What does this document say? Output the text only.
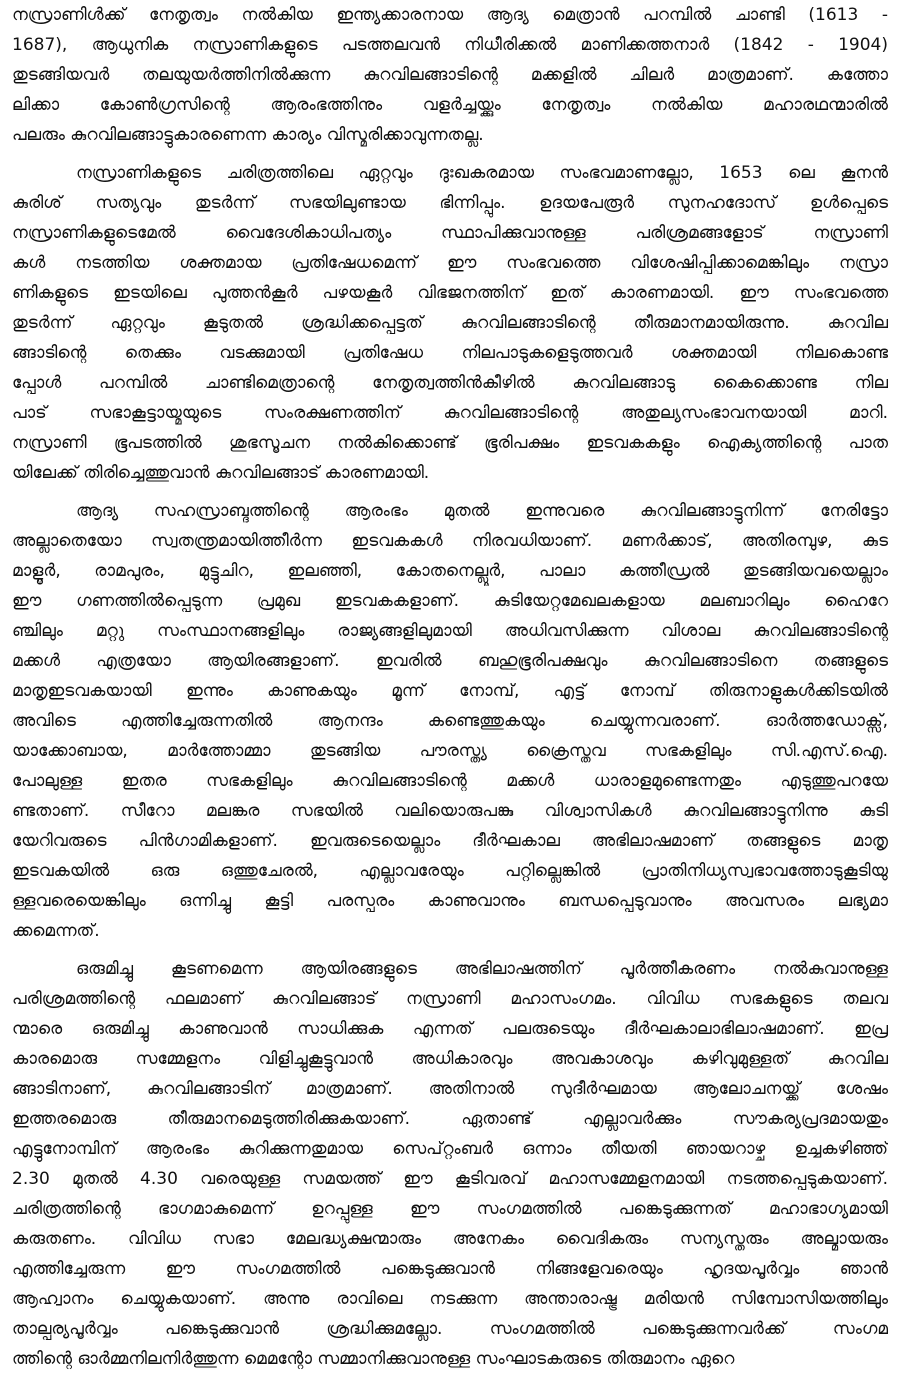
നസ്രാണിൾക്ക് നേതൃത്വം നൽകിയ ഇന്ത്യക്കാരനായ ആദ്യ മെത്രാൻ പറമ്പിൽ ചാണ്ടി (1613 -
1687), ആധുനിക നസ്രാണികളുടെ പടത്തലവൻ നിധീരിക്കൽ മാണിക്കത്തനാർ (1842 - 1904)
തുടങ്ങിയവർ തലയുയർത്തിനിൽക്കുന്ന കുറവിലങ്ങാടിന്റെ മക്കളിൽ ചിലർ മാത്രമാണ്. കത്തോ
ലിക്കാ കോൺഗ്രസിന്റെ ആരംഭത്തിനും വളർച്ചയ്ക്കും നേതൃത്വം നൽകിയ മഹാരഥന്മാരിൽ
പലരും കുറവിലങ്ങാട്ടുകാരണെന്ന കാര്യം വിസ്മരിക്കാവുന്നതല്ല.
നസ്രാണികളുടെ ചരിത്രത്തിലെ ഏറ്റവും ദുഃഖകരമായ സംഭവമാണല്ലോ, 1653 ലെ കൂനൻ
കുരിശ് സത്യവും തുടർന്ന് സഭയിലുണ്ടായ ഭിന്നിപ്പും. ഉദയപേരൂർ സുനഹദോസ് ഉൾപ്പെടെ
നസ്രാണികളുടെമേൽ വൈദേശികാധിപത്യം സ്ഥാപിക്കുവാനുള്ള പരിശ്രമങ്ങളോട് നസ്രാണി
കൾ നടത്തിയ ശക്തമായ പ്രതിഷേധമെന്ന് ഈ സംഭവത്തെ വിശേഷിപ്പിക്കാമെങ്കിലും നസ്രാ
ണികളുടെ ഇടയിലെ പുത്തൻകൂർ പഴയകൂർ വിഭജനത്തിന് ഇത് കാരണമായി. ഈ സംഭവത്തെ
തുടർന്ന് ഏറ്റവും കൂടുതൽ ശ്രദ്ധിക്കപ്പെട്ടത് കുറവിലങ്ങാടിന്റെ തീരുമാനമായിരുന്നു. കുറവില
ങ്ങാടിന്റെ തെക്കും വടക്കുമായി പ്രതിഷേധ നിലപാടുകളെടുത്തവർ ശക്തമായി നിലകൊണ്ട
പ്പോൾ പറമ്പിൽ ചാണ്ടിമെത്രാന്റെ നേതൃത്വത്തിൻകീഴിൽ കുറവിലങ്ങാടു കൈക്കൊണ്ട നില
പാട് സഭാകൂട്ടായ്മയുടെ സംരക്ഷണത്തിന് കുറവിലങ്ങാടിന്റെ അതുല്യസംഭാവനയായി മാറി.
നസ്രാണി ഭൂപടത്തിൽ ശുഭസൂചന നൽകിക്കൊണ്ട് ഭൂരിപക്ഷം ഇടവകകളും ഐക്യത്തിന്റെ പാത
യിലേക്ക് തിരിച്ചെത്തുവാൻ കുറവിലങ്ങാട് കാരണമായി.
ആദ്യ സഹസ്രാബ്ദത്തിന്റെ ആരംഭം മുതൽ ഇന്നുവരെ കുറവിലങ്ങാട്ടുനിന്ന് നേരിട്ടോ
അല്ലാതെയോ സ്വതന്ത്രമായിത്തീർന്ന ഇടവകകൾ നിരവധിയാണ്. മണർക്കാട്, അതിരമ്പുഴ, കുട
മാളൂർ, രാമപുരം, മുട്ടുചിറ, ഇലഞ്ഞി, കോതനെല്ലൂർ, പാലാ കത്തീഡ്രൽ തുടങ്ങിയവയെല്ലാം
ഈ ഗണത്തിൽപ്പെടുന്ന പ്രമുഖ ഇടവകകളാണ്. കുടിയേറ്റമേഖലകളായ മലബാറിലും ഹൈറേ
ഞ്ചിലും മറ്റു സംസ്ഥാനങ്ങളിലും രാജ്യങ്ങളിലുമായി അധിവസിക്കുന്ന വിശാല കുറവിലങ്ങാടിന്റെ
മക്കൾ എത്രയോ ആയിരങ്ങളാണ്. ഇവരിൽ ബഹുഭൂരിപക്ഷവും കുറവിലങ്ങാടിനെ തങ്ങളുടെ
മാതൃഇടവകയായി ഇന്നും കാണുകയും മൂന്ന് നോമ്പ്, എട്ട് നോമ്പ് തിരുനാളുകൾക്കിടയിൽ
അവിടെ എത്തിച്ചേരുന്നതിൽ ആനന്ദം കണ്ടെത്തുകയും ചെയ്യുന്നവരാണ്. ഓർത്തഡോക്സ്,
യാക്കോബായ, മാർത്തോമ്മാ തുടങ്ങിയ പൗരസ്ത്യ ക്രൈസ്തവ സഭകളിലും സി.എസ്.ഐ.
പോലുള്ള ഇതര സഭകളിലും കുറവിലങ്ങാടിന്റെ മക്കൾ ധാരാളമുണ്ടെന്നതും എടുത്തുപറയേ
ണ്ടതാണ്. സീറോ മലങ്കര സഭയിൽ വലിയൊരുപങ്കു വിശ്വാസികൾ കുറവിലങ്ങാട്ടുനിന്നു കുടി
യേറിവരുടെ പിൻഗാമികളാണ്. ഇവരുടെയെല്ലാം ദീർഘകാല അഭിലാഷമാണ് തങ്ങളുടെ മാതൃ
ഇടവകയിൽ ഒരു ഒത്തുചേരൽ, എല്ലാവരേയും പറ്റില്ലെങ്കിൽ പ്രാതിനിധ്യസ്വഭാവത്തോടുകൂടിയു
ള്ളവരെയെങ്കിലും ഒന്നിച്ചു കൂട്ടി പരസ്പരം കാണുവാനും ബന്ധപ്പെടുവാനും അവസരം ലഭ്യമാ
ക്കമെന്നത്.
ഒരുമിച്ചു കൂടണമെന്ന ആയിരങ്ങളുടെ അഭിലാഷത്തിന് പൂർത്തീകരണം നൽകുവാനുള്ള
പരിശ്രമത്തിന്റെ ഫലമാണ് കുറവിലങ്ങാട് നസ്രാണി മഹാസംഗമം. വിവിധ സഭകളുടെ തലവ
ന്മാരെ ഒരുമിച്ചു കാണുവാൻ സാധിക്കുക എന്നത് പലരുടെയും ദീർഘകാലാഭിലാഷമാണ്. ഇപ്ര
കാരമൊരു സമ്മേളനം വിളിച്ചുകൂട്ടുവാൻ അധികാരവും അവകാശവും കഴിവുമുള്ളത് കുറവില
ങ്ങാടിനാണ്, കുറവിലങ്ങാടിന് മാത്രമാണ്. അതിനാൽ സുദീർഘമായ ആലോചനയ്ക്ക് ശേഷം
ഇത്തരമൊരു തീരുമാനമെടുത്തിരിക്കുകയാണ്. ഏതാണ്ട് എല്ലാവർക്കും സൗകര്യപ്രദമായതും
എട്ടുനോമ്പിന് ആരംഭം കുറിക്കുന്നതുമായ സെപ്റ്റംബർ ഒന്നാം തീയതി ഞായറാഴ്ച ഉച്ചകഴിഞ്ഞ്
2.30 മുതൽ 4.30 വരെയുള്ള സമയത്ത് ഈ കൂടിവരവ് മഹാസമ്മേളനമായി നടത്തപ്പെടുകയാണ്.
ചരിത്രത്തിന്റെ ഭാഗമാകുമെന്ന് ഉറപ്പുള്ള ഈ സംഗമത്തിൽ പങ്കെടുക്കുന്നത് മഹാഭാഗ്യമായി
കരുതണം. വിവിധ സഭാ മേലദ്ധ്യക്ഷന്മാരും അനേകം വൈദികരും സന്യസ്തരും അല്മായരും
എത്തിച്ചേരുന്ന ഈ സംഗമത്തിൽ പങ്കെടുക്കുവാൻ നിങ്ങളേവരെയും ഹൃദയപൂർവ്വം ഞാൻ
ആഹ്വാനം ചെയ്യുകയാണ്. അന്നു രാവിലെ നടക്കുന്ന അന്താരാഷ്ട്ര മരിയൻ സിമ്പോസിയത്തിലും
താല്പര്യപൂർവ്വം പങ്കെടുക്കുവാൻ ശ്രദ്ധിക്കുമല്ലോ. സംഗമത്തിൽ പങ്കെടുക്കുന്നവർക്ക് സംഗമ
ത്തിന്റെ ഓർമ്മനിലനിർത്തുന്ന മെമന്റോ സമ്മാനിക്കുവാനുള്ള സംഘാടകരുടെ തിരുമാനം ഏറെ
